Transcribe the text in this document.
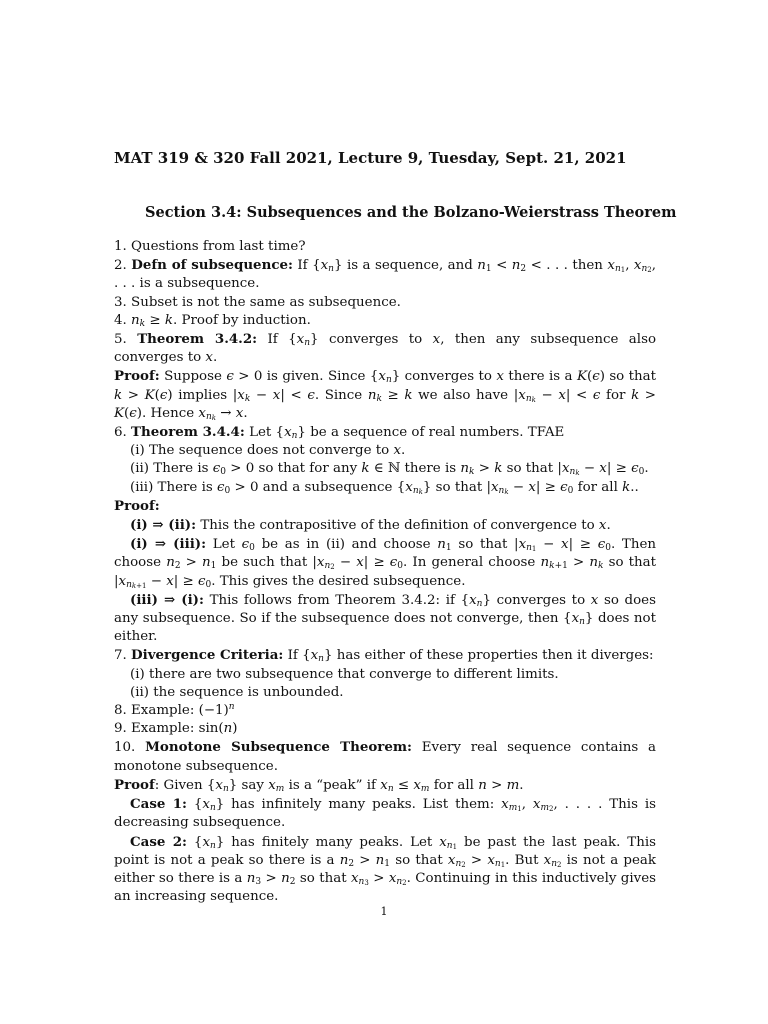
MAT 319 & 320 Fall 2021, Lecture 9, Tuesday, Sept. 21, 2021
Section 3.4: Subsequences and the Bolzano-Weierstrass Theorem

1. Questions from last time?

2. Defn of subsequence: If $\{x_n\}$ is a sequence, and $n_1 < n_2$ < . . . then $x_{n_1}$, $x_{n_2}$, . . . is a subsequence.

3. Subset is not the same as subsequence.

4. $n_k \ge k$. Proof by induction.

5. Theorem 3.4.2: If $\{x_n\}$ converges to x, then any subsequence also converges to x.

Proof: Suppose ϵ > 0 is given. Since $\{x_n\}$ converges to x there is a K(ϵ) so that k > K(ϵ) implies $|x_k - x| < \epsilon$. Since $n_k \ge k$ we also have $|x_{n_k} - x| < \epsilon$ for k > K(ϵ). Hence $x_{n_k} \to x$.

6. Theorem 3.4.4: Let $\{x_n\}$ be a sequence of real numbers. TFAE

(i) The sequence does not converge to x.

(ii) There is $\epsilon_0 > 0$ so that for any k ∈ ℕ there is $n_k > k$ so that $|x_{n_k} - x| \ge \epsilon_0$.

(iii) There is $\epsilon_0 > 0$ and a subsequence $\{x_{n_k}\}$ so that $|x_{n_k} - x| \ge \epsilon_0$ for all k..

Proof:

(i) ⇒ (ii): This the contrapositive of the definition of convergence to x.

(i) ⇒ (iii): Let $\epsilon_0$ be as in (ii) and choose $n_1$ so that $|x_{n_1} - x| \ge \epsilon_0$. Then choose $n_2 > n_1$ be such that $|x_{n_2} - x| \ge \epsilon_0$. In general choose $n_{k+1} > n_k$ so that $|x_{n_{k+1}} - x| \ge \epsilon_0$. This gives the desired subsequence.

(iii) ⇒ (i): This follows from Theorem 3.4.2: if $\{x_n\}$ converges to x so does any subsequence. So if the subsequence does not converge, then $\{x_n\}$ does not either.

7. Divergence Criteria: If $\{x_n\}$ has either of these properties then it diverges:

(i) there are two subsequence that converge to different limits.

(ii) the sequence is unbounded.

8. Example: $(-1)^n$

9. Example: sin(n)

10. Monotone Subsequence Theorem: Every real sequence contains a monotone subsequence.

Proof: Given $\{x_n\}$ say $x_m$ is a “peak” if $x_n \le x_m$ for all n > m.

Case 1: $\{x_n\}$ has infinitely many peaks. List them: $x_{m_1}$, $x_{m_2}$, . . . . This is decreasing subsequence.

Case 2: $\{x_n\}$ has finitely many peaks. Let $x_{n_1}$ be past the last peak. This point is not a peak so there is a $n_2 > n_1$ so that $x_{n_2} > x_{n_1}$. But $x_{n_2}$ is not a peak either so there is a $n_3 > n_2$ so that $x_{n_3} > x_{n_2}$. Continuing in this inductively gives an increasing sequence.

1
